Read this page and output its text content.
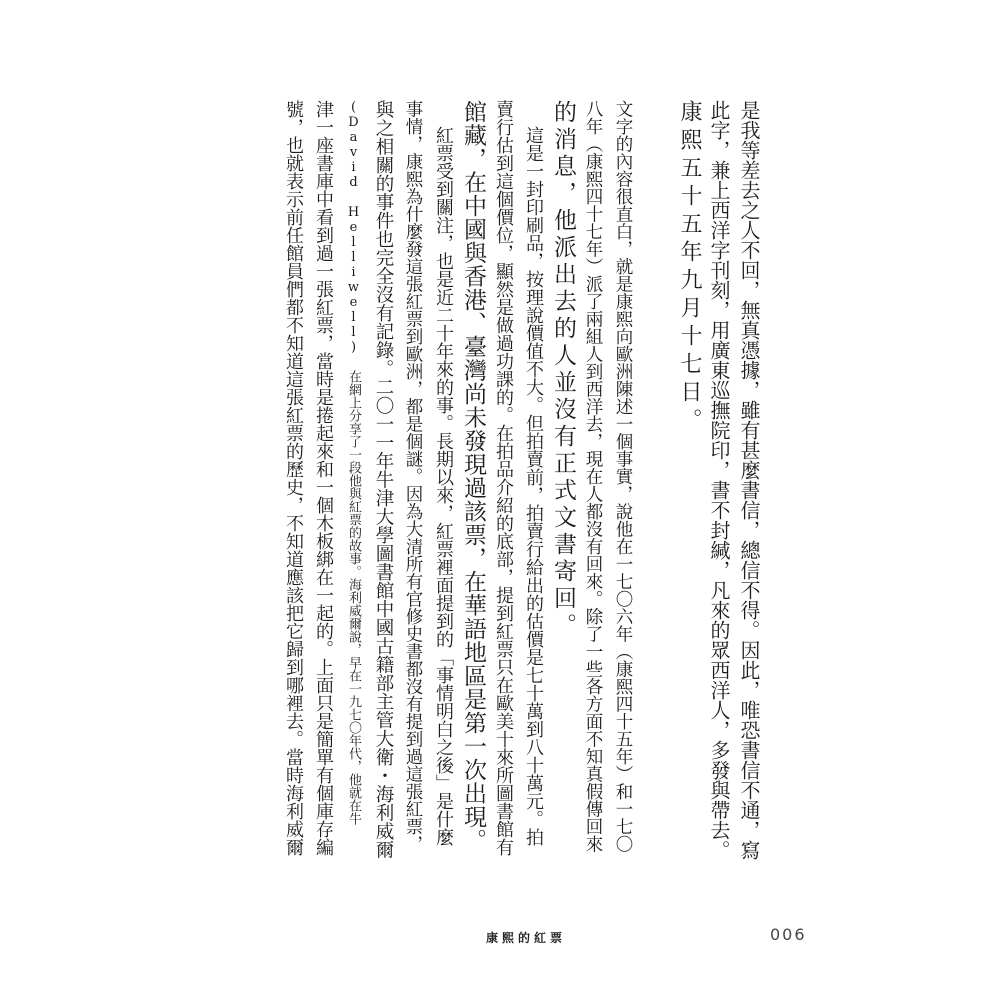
是我等差去之人不回，無真憑據，雖有甚麼書信，總信不得。因此，唯恐書信不通，寫

此字，兼上西洋字刊刻，用廣東巡撫院印，書不封緘，凡來的眾西洋人，多發與帶去。

康熙五十五年九月十七日。

文字的內容很直白，就是康熙向歐洲陳述一個事實，說他在一七〇六年（康熙四十五年）和一七〇

八年（康熙四十七年）派了兩組人到西洋去，現在人都沒有回來。除了一些各方面不知真假傳回來

的消息，他派出去的人並沒有正式文書寄回。

這是一封印刷品，按理說價值不大。但拍賣前，拍賣行給出的估價是七十萬到八十萬元。拍

賣行估到這個價位，顯然是做過功課的。在拍品介紹的底部，提到紅票只在歐美十來所圖書館有

館藏，在中國與香港、臺灣尚未發現過該票，在華語地區是第一次出現。

紅票受到關注，也是近二十年來的事。長期以來，紅票裡面提到的「事情明白之後」是什麼

事情，康熙為什麼發這張紅票到歐洲，都是個謎。因為大清所有官修史書都沒有提到過這張紅票，

與之相關的事件也完全沒有記錄。二〇一一年牛津大學圖書館中國古籍部主管大衛・海利威爾

(David Helliwell) 在網上分享了一段他與紅票的故事。海利威爾說，早在一九七〇年代，他就在牛

津一座書庫中看到過一張紅票，當時是捲起來和一個木板綁在一起的。上面只是簡單有個庫存編

號，也就表示前任館員們都不知道這張紅票的歷史，不知道應該把它歸到哪裡去。當時海利威爾

康熙的紅票	006
